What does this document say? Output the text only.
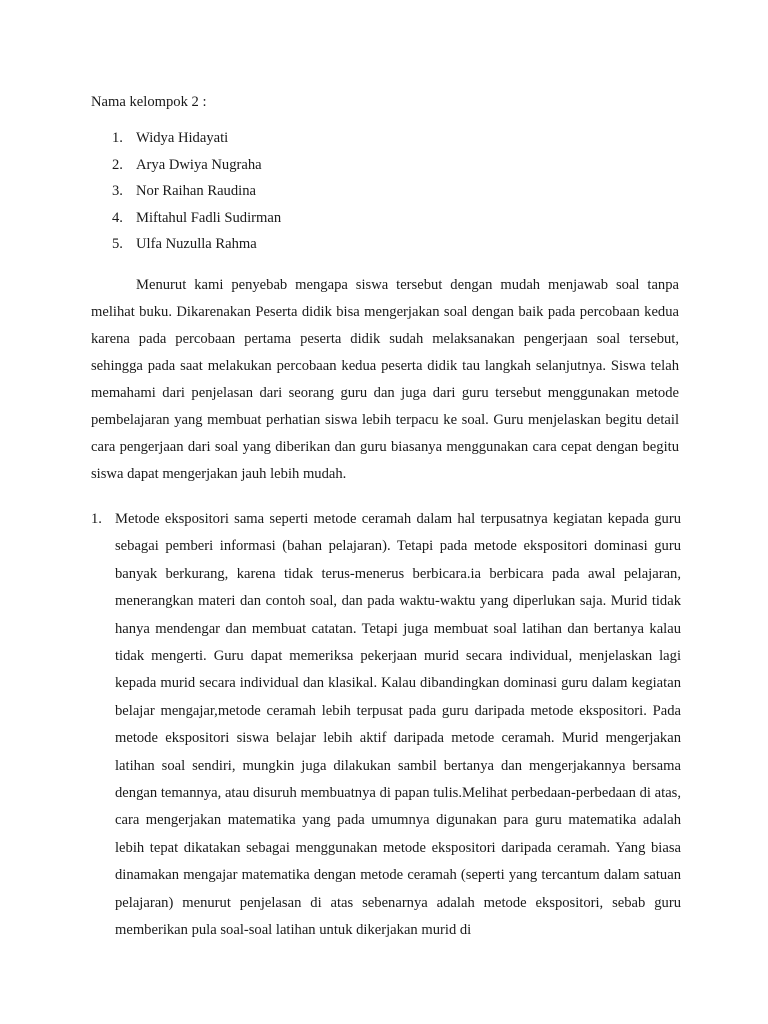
Nama kelompok 2 :
1. Widya Hidayati
2. Arya Dwiya Nugraha
3. Nor Raihan Raudina
4. Miftahul Fadli Sudirman
5. Ulfa Nuzulla Rahma

Menurut kami penyebab mengapa siswa tersebut dengan mudah menjawab soal tanpa melihat buku. Dikarenakan Peserta didik bisa mengerjakan soal dengan baik pada percobaan kedua karena pada percobaan pertama peserta didik sudah melaksanakan pengerjaan soal tersebut, sehingga pada saat melakukan percobaan kedua peserta didik tau langkah selanjutnya. Siswa telah memahami dari penjelasan dari seorang guru dan juga dari guru tersebut menggunakan metode pembelajaran yang membuat perhatian siswa lebih terpacu ke soal. Guru menjelaskan begitu detail cara pengerjaan dari soal yang diberikan dan guru biasanya menggunakan cara cepat dengan begitu siswa dapat mengerjakan jauh lebih mudah.

1. Metode ekspositori sama seperti metode ceramah dalam hal terpusatnya kegiatan kepada guru sebagai pemberi informasi (bahan pelajaran). Tetapi pada metode ekspositori dominasi guru banyak berkurang, karena tidak terus-menerus berbicara.ia berbicara pada awal pelajaran, menerangkan materi dan contoh soal, dan pada waktu-waktu yang diperlukan saja. Murid tidak hanya mendengar dan membuat catatan. Tetapi juga membuat soal latihan dan bertanya kalau tidak mengerti. Guru dapat memeriksa pekerjaan murid secara individual, menjelaskan lagi kepada murid secara individual dan klasikal. Kalau dibandingkan dominasi guru dalam kegiatan belajar mengajar,metode ceramah lebih terpusat pada guru daripada metode ekspositori. Pada metode ekspositori siswa belajar lebih aktif daripada metode ceramah. Murid mengerjakan latihan soal sendiri, mungkin juga dilakukan sambil bertanya dan mengerjakannya bersama dengan temannya, atau disuruh membuatnya di papan tulis.Melihat perbedaan-perbedaan di atas, cara mengerjakan matematika yang pada umumnya digunakan para guru matematika adalah lebih tepat dikatakan sebagai menggunakan metode ekspositori daripada ceramah. Yang biasa dinamakan mengajar matematika dengan metode ceramah (seperti yang tercantum dalam satuan pelajaran) menurut penjelasan di atas sebenarnya adalah metode ekspositori, sebab guru memberikan pula soal-soal latihan untuk dikerjakan murid di
